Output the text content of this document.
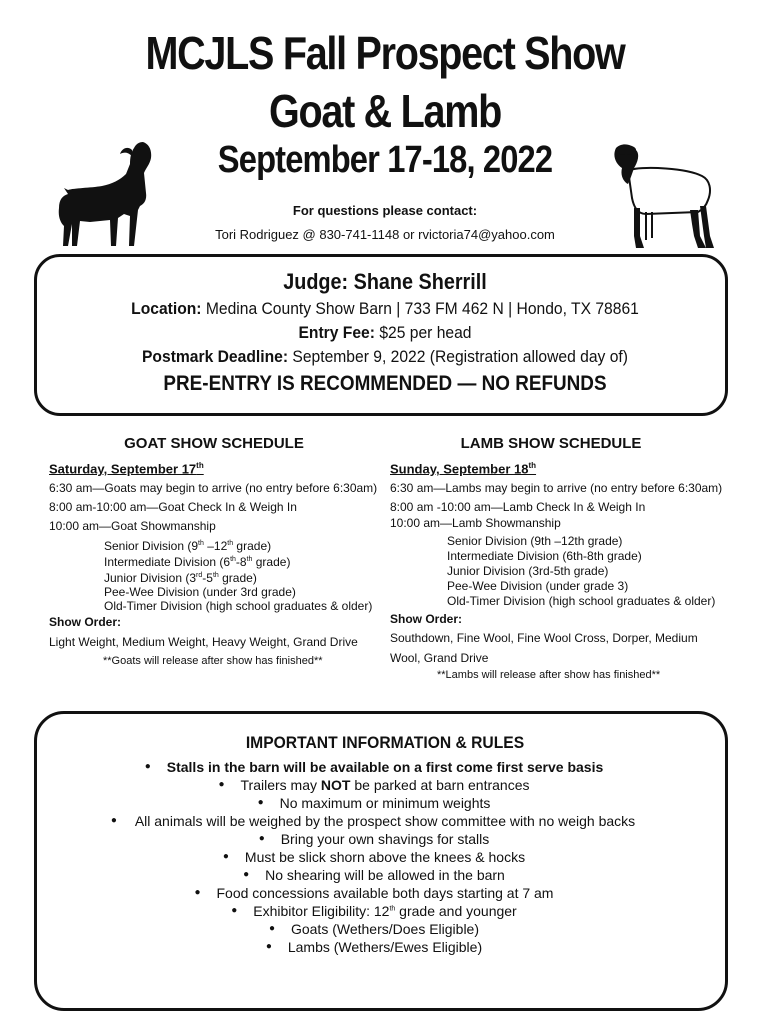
MCJLS Fall Prospect Show
Goat & Lamb
September 17-18, 2022
For questions please contact:
Tori Rodriguez @ 830-741-1148 or rvictoria74@yahoo.com
Judge: Shane Sherrill
Location: Medina County Show Barn | 733 FM 462 N | Hondo, TX 78861
Entry Fee: $25 per head
Postmark Deadline: September 9, 2022 (Registration allowed day of)
PRE-ENTRY IS RECOMMENDED — NO REFUNDS
GOAT SHOW SCHEDULE
Saturday, September 17th
6:30 am—Goats may begin to arrive (no entry before 6:30am)
8:00 am-10:00 am—Goat Check In & Weigh In
10:00 am—Goat Showmanship
Senior Division (9th –12th grade)
Intermediate Division (6th-8th grade)
Junior Division (3rd-5th grade)
Pee-Wee Division (under 3rd grade)
Old-Timer Division (high school graduates & older)
Show Order:
Light Weight, Medium Weight, Heavy Weight, Grand Drive
**Goats will release after show has finished**
LAMB SHOW SCHEDULE
Sunday, September 18th
6:30 am—Lambs may begin to arrive (no entry before 6:30am)
8:00 am -10:00 am—Lamb Check In & Weigh In
10:00 am—Lamb Showmanship
Senior Division (9th –12th grade)
Intermediate Division (6th-8th grade)
Junior Division (3rd-5th grade)
Pee-Wee Division (under grade 3)
Old-Timer Division (high school graduates & older)
Show Order:
Southdown, Fine Wool, Fine Wool Cross, Dorper, Medium Wool, Grand Drive
**Lambs will release after show has finished**
IMPORTANT INFORMATION & RULES
● Stalls in the barn will be available on a first come first serve basis
● Trailers may NOT be parked at barn entrances
● No maximum or minimum weights
● All animals will be weighed by the prospect show committee with no weigh backs
● Bring your own shavings for stalls
● Must be slick shorn above the knees & hocks
● No shearing will be allowed in the barn
● Food concessions available both days starting at 7 am
● Exhibitor Eligibility: 12th grade and younger
● Goats (Wethers/Does Eligible)
● Lambs (Wethers/Ewes Eligible)
